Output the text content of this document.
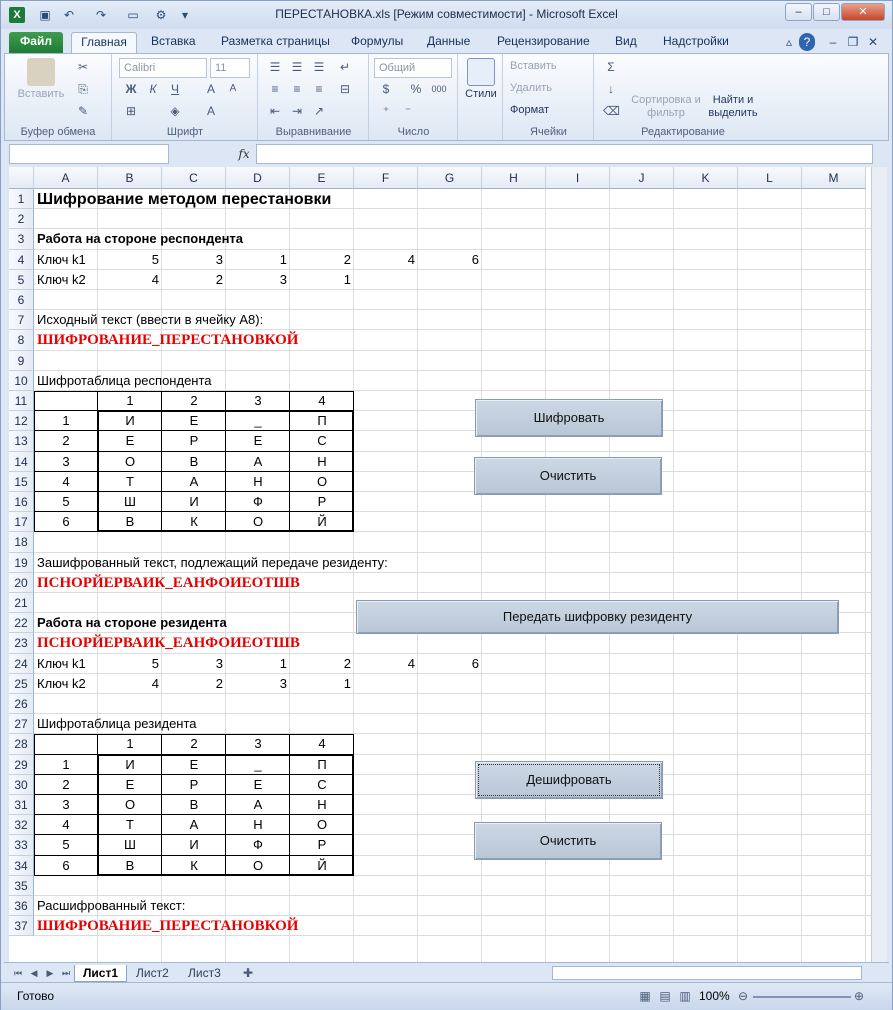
X	▣	↶	↷	▭	⚙	▾	ПЕРЕСТАНОВКА.xls [Режим совместимости] - Microsoft Excel	–	□	✕
Файл	Главная	Вставка	Разметка страницы	Формулы	Данные	Рецензирование	Вид	Надстройки	▵ ?	– ❐ ✕
Вставить
✂
⎘
✎
Буфер обмена
Calibri	11
Ж	К	Ч	A	A
⊞	◈	A
Шрифт
☰ ☰ ☰ ↵
≡	≡	≡	⊟
⇤ ⇥ ↗
Выравнивание
Общий
$	%	000
⁺	⁻
Число
Стили
Вставить
Удалить
Формат
Ячейки
Σ
↓
⌫
Сортировка и фильтр
Найти и выделить
Редактирование
fx
A	B	C	D	E	F	G	H	I	J	K	L	M
1
2
3
4
5
6
7
8
9
10
11
12
13
14
15
16
17
18
19
20
21
22
23
24
25
26
27
28
29
30
31
32
33
34
35
36
37
Шифрование методом перестановки
Работа на стороне респондента
Ключ k1
Ключ k2
5	3	1	2	4	6
4	2	3	1
Исходный текст (ввести в ячейку А8):
ШИФРОВАНИЕ_ПЕРЕСТАНОВКОЙ
Шифротаблица респондента
Зашифрованный текст, подлежащий передаче резиденту:
ПСНОРЙЕРВАИК_ЕАНФОИЕОТШВ
Работа на стороне резидента
ПСНОРЙЕРВАИК_ЕАНФОИЕОТШВ
Ключ k1
Ключ k2
5	3	1	2	4	6
4	2	3	1
Шифротаблица резидента
Расшифрованный текст:
ШИФРОВАНИЕ_ПЕРЕСТАНОВКОЙ
1	2	3	4
1
2
3
4
5
6
И	Е	_	П
Е	Р	Е	С
О	В	А	Н
Т	А	Н	О
Ш	И	Ф	Р
В	К	О	Й
1	2	3	4
1
2
3
4
5
6
И	Е	_	П
Е	Р	Е	С
О	В	А	Н
Т	А	Н	О
Ш	И	Ф	Р
В	К	О	Й
Шифровать
Очистить
Передать шифровку резиденту
Дешифровать
Очистить
⏮ ◀	▶ ⏭	Лист1	Лист2	Лист3	✚
Готово	▦ ▤ ▥ 100% ⊖	⊕
